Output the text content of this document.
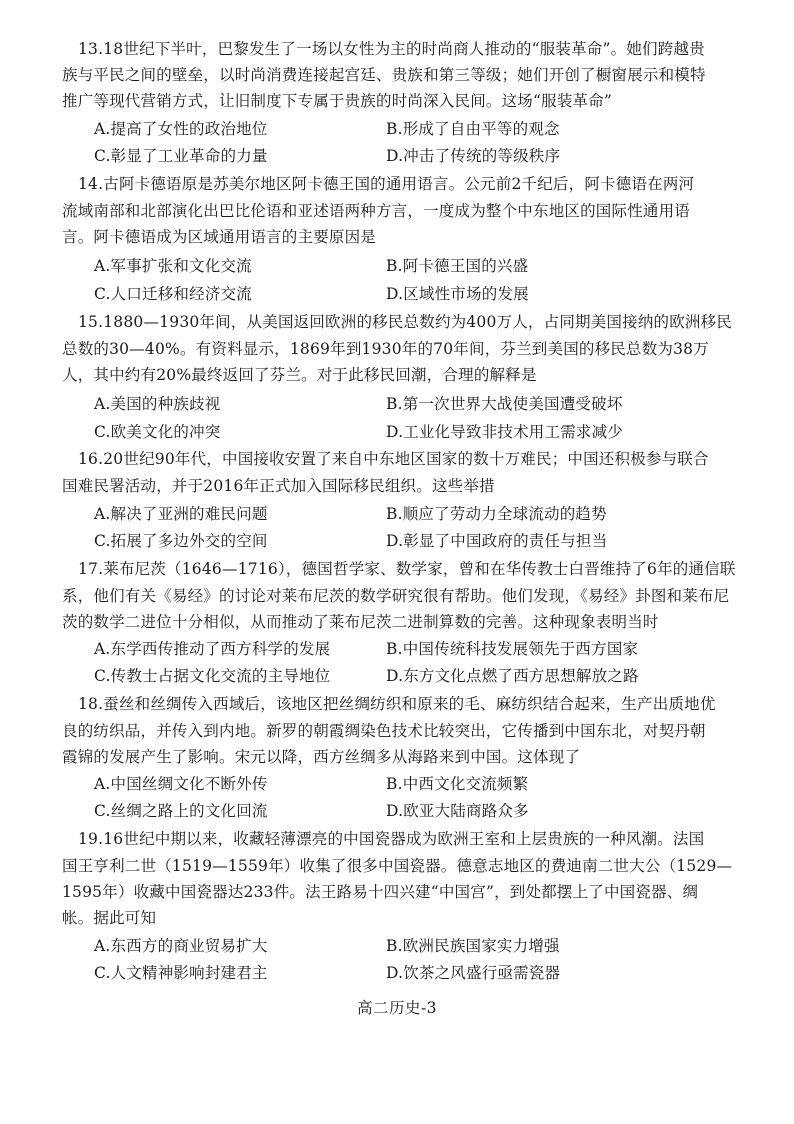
13.18世纪下半叶，巴黎发生了一场以女性为主的时尚商人推动的“服装革命”。她们跨越贵
族与平民之间的壁垒，以时尚消费连接起宫廷、贵族和第三等级；她们开创了橱窗展示和模特
推广等现代营销方式，让旧制度下专属于贵族的时尚深入民间。这场“服装革命”
A.提高了女性的政治地位	B.形成了自由平等的观念
C.彰显了工业革命的力量	D.冲击了传统的等级秩序
14.古阿卡德语原是苏美尔地区阿卡德王国的通用语言。公元前2千纪后，阿卡德语在两河
流域南部和北部演化出巴比伦语和亚述语两种方言，一度成为整个中东地区的国际性通用语
言。阿卡德语成为区域通用语言的主要原因是
A.军事扩张和文化交流	B.阿卡德王国的兴盛
C.人口迁移和经济交流	D.区域性市场的发展
15.1880—1930年间，从美国返回欧洲的移民总数约为400万人，占同期美国接纳的欧洲移民
总数的30—40%。有资料显示，1869年到1930年的70年间，芬兰到美国的移民总数为38万
人，其中约有20%最终返回了芬兰。对于此移民回潮，合理的解释是
A.美国的种族歧视	B.第一次世界大战使美国遭受破坏
C.欧美文化的冲突	D.工业化导致非技术用工需求减少
16.20世纪90年代，中国接收安置了来自中东地区国家的数十万难民；中国还积极参与联合
国难民署活动，并于2016年正式加入国际移民组织。这些举措
A.解决了亚洲的难民问题	B.顺应了劳动力全球流动的趋势
C.拓展了多边外交的空间	D.彰显了中国政府的责任与担当
17.莱布尼茨（1646—1716），德国哲学家、数学家，曾和在华传教士白晋维持了6年的通信联
系，他们有关《易经》的讨论对莱布尼茨的数学研究很有帮助。他们发现，《易经》卦图和莱布尼
茨的数学二进位十分相似，从而推动了莱布尼茨二进制算数的完善。这种现象表明当时
A.东学西传推动了西方科学的发展	B.中国传统科技发展领先于西方国家
C.传教士占据文化交流的主导地位	D.东方文化点燃了西方思想解放之路
18.蚕丝和丝绸传入西域后，该地区把丝绸纺织和原来的毛、麻纺织结合起来，生产出质地优
良的纺织品，并传入到内地。新罗的朝霞绸染色技术比较突出，它传播到中国东北，对契丹朝
霞锦的发展产生了影响。宋元以降，西方丝绸多从海路来到中国。这体现了
A.中国丝绸文化不断外传	B.中西文化交流频繁
C.丝绸之路上的文化回流	D.欧亚大陆商路众多
19.16世纪中期以来，收藏轻薄漂亮的中国瓷器成为欧洲王室和上层贵族的一种风潮。法国
国王亨利二世（1519—1559年）收集了很多中国瓷器。德意志地区的费迪南二世大公（1529—
1595年）收藏中国瓷器达233件。法王路易十四兴建“中国宫”，到处都摆上了中国瓷器、绸
帐。据此可知
A.东西方的商业贸易扩大	B.欧洲民族国家实力增强
C.人文精神影响封建君主	D.饮茶之风盛行亟需瓷器
高二历史-3
